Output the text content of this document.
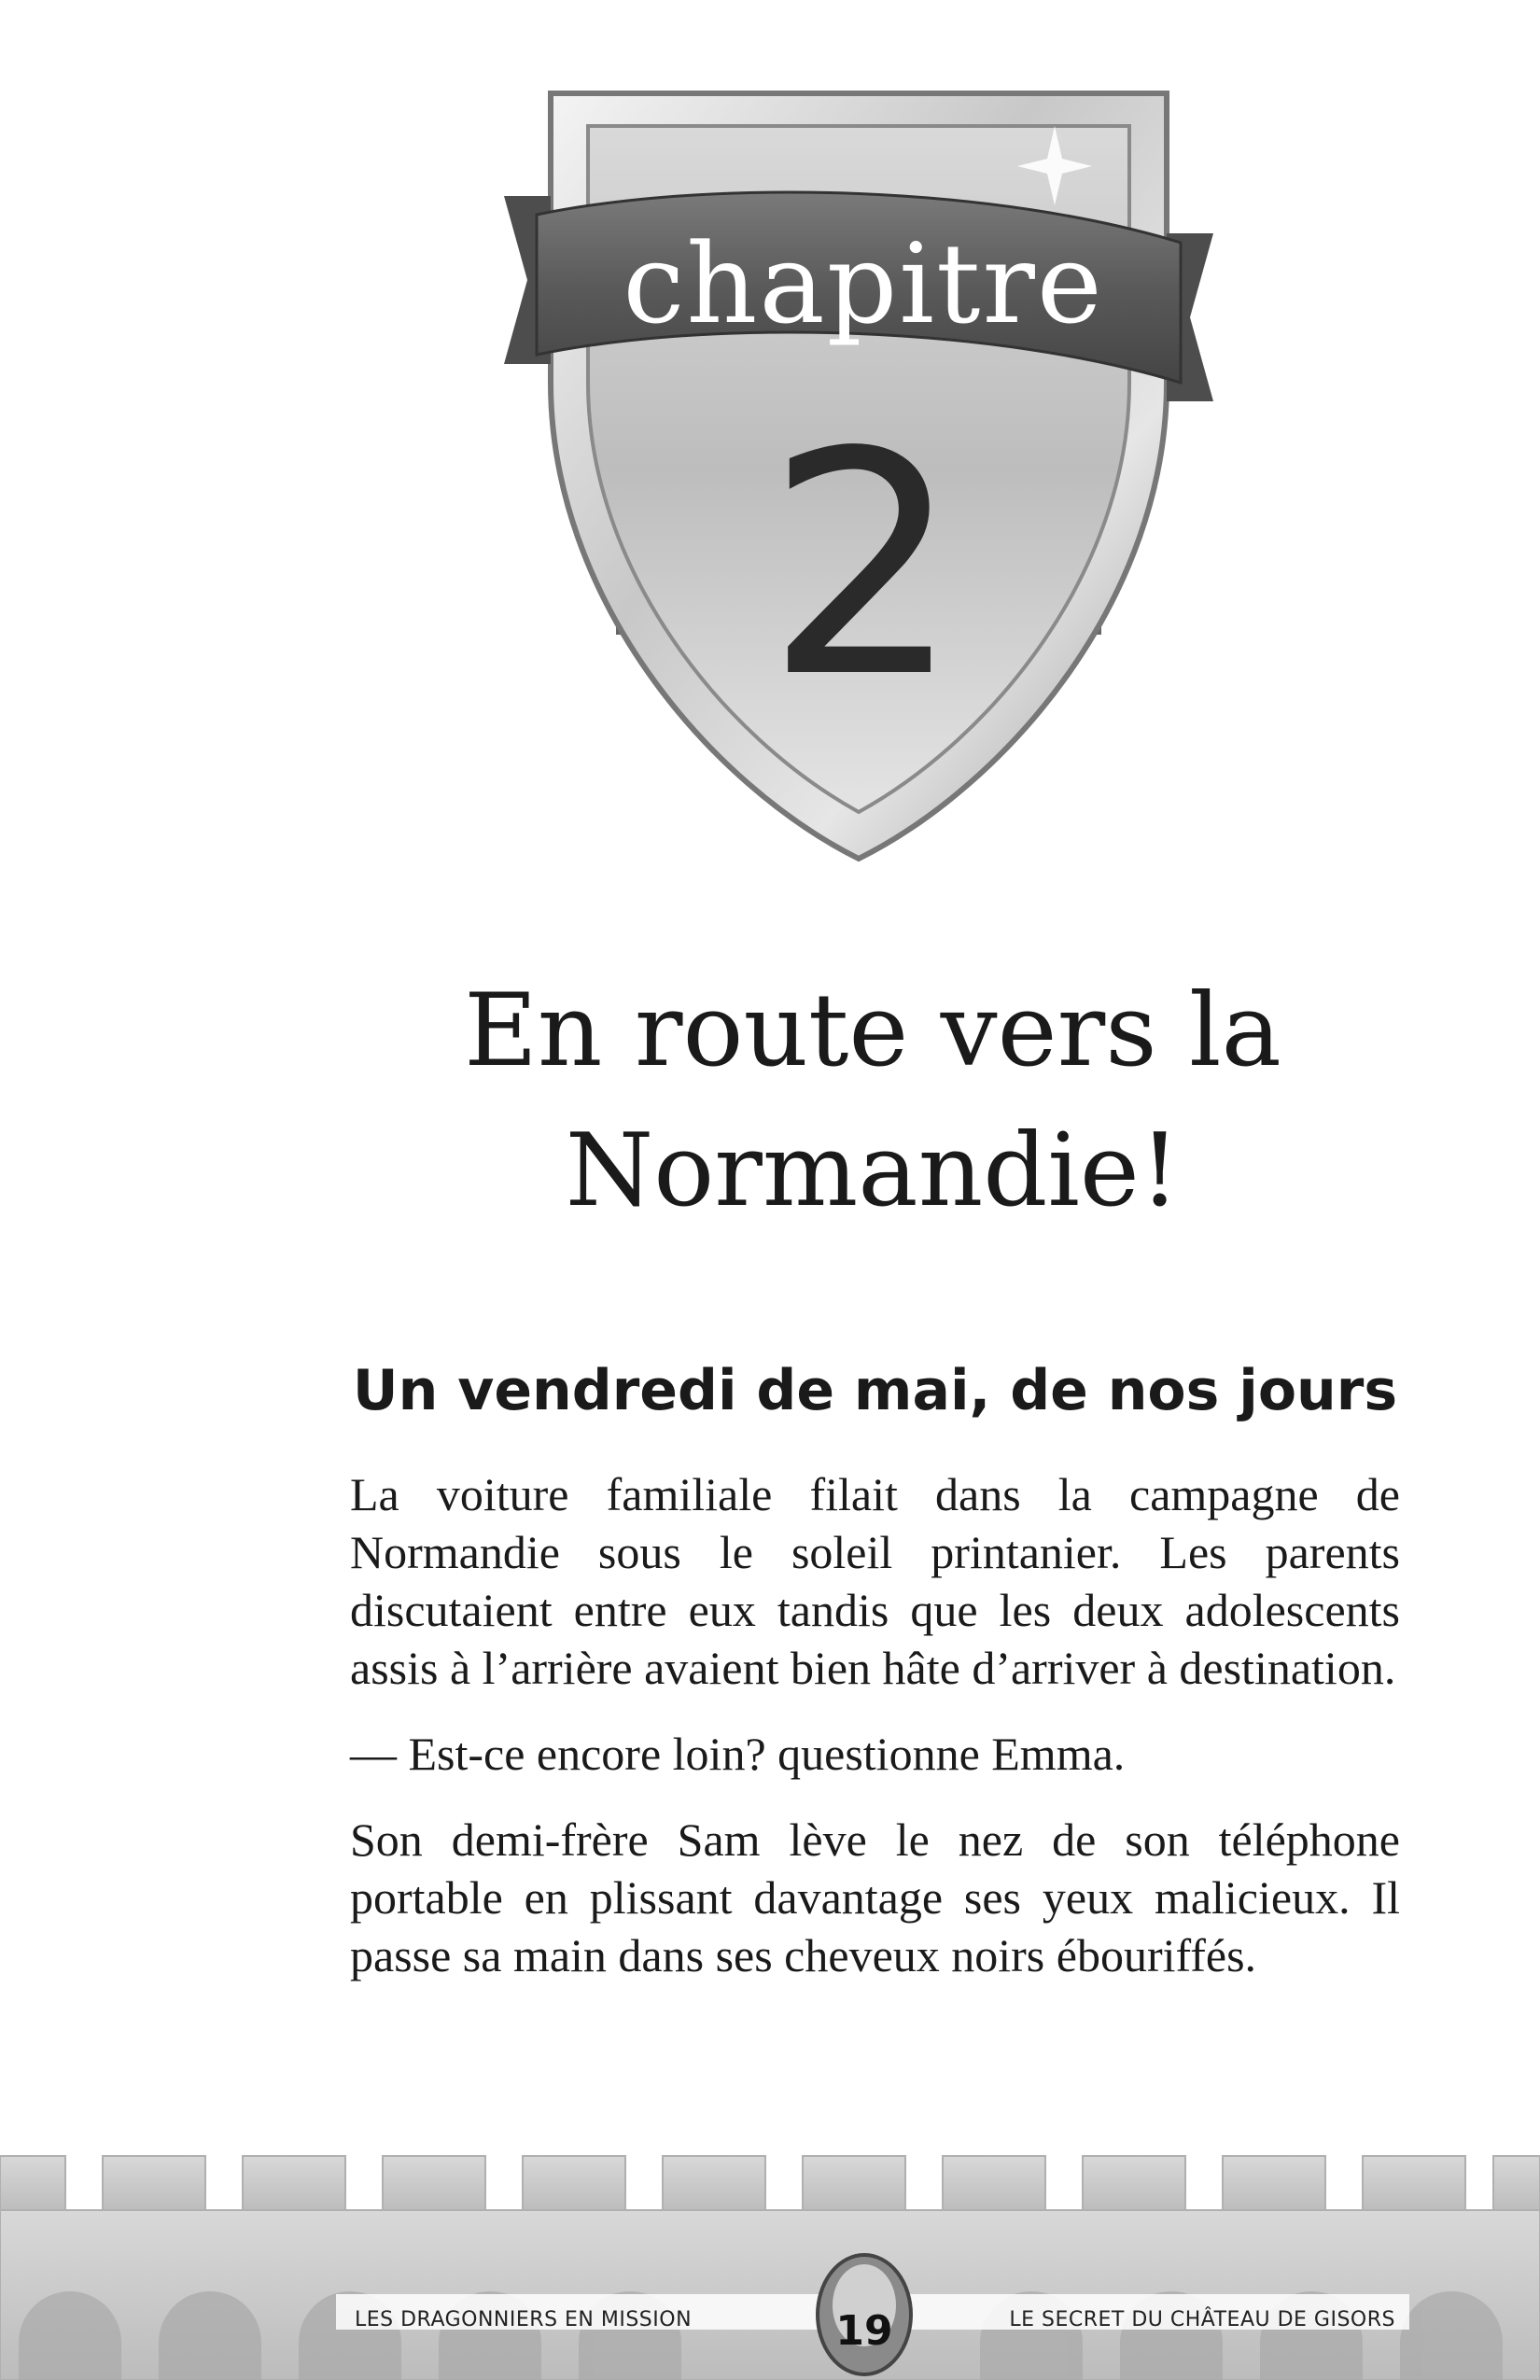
chapitre
2
En route vers la
Normandie!
Un vendredi de mai, de nos jours

La voiture familiale filait dans la campagne de Normandie sous le soleil printanier. Les parents discutaient entre eux tandis que les deux adolescents assis à l’arrière avaient bien hâte d’arriver à destination.

— Est-ce encore loin? questionne Emma.

Son demi-frère Sam lève le nez de son téléphone portable en plissant davantage ses yeux malicieux. Il passe sa main dans ses cheveux noirs ébouriffés.

LES DRAGONNIERS EN MISSION	LE SECRET DU CHÂTEAU DE GISORS
19
